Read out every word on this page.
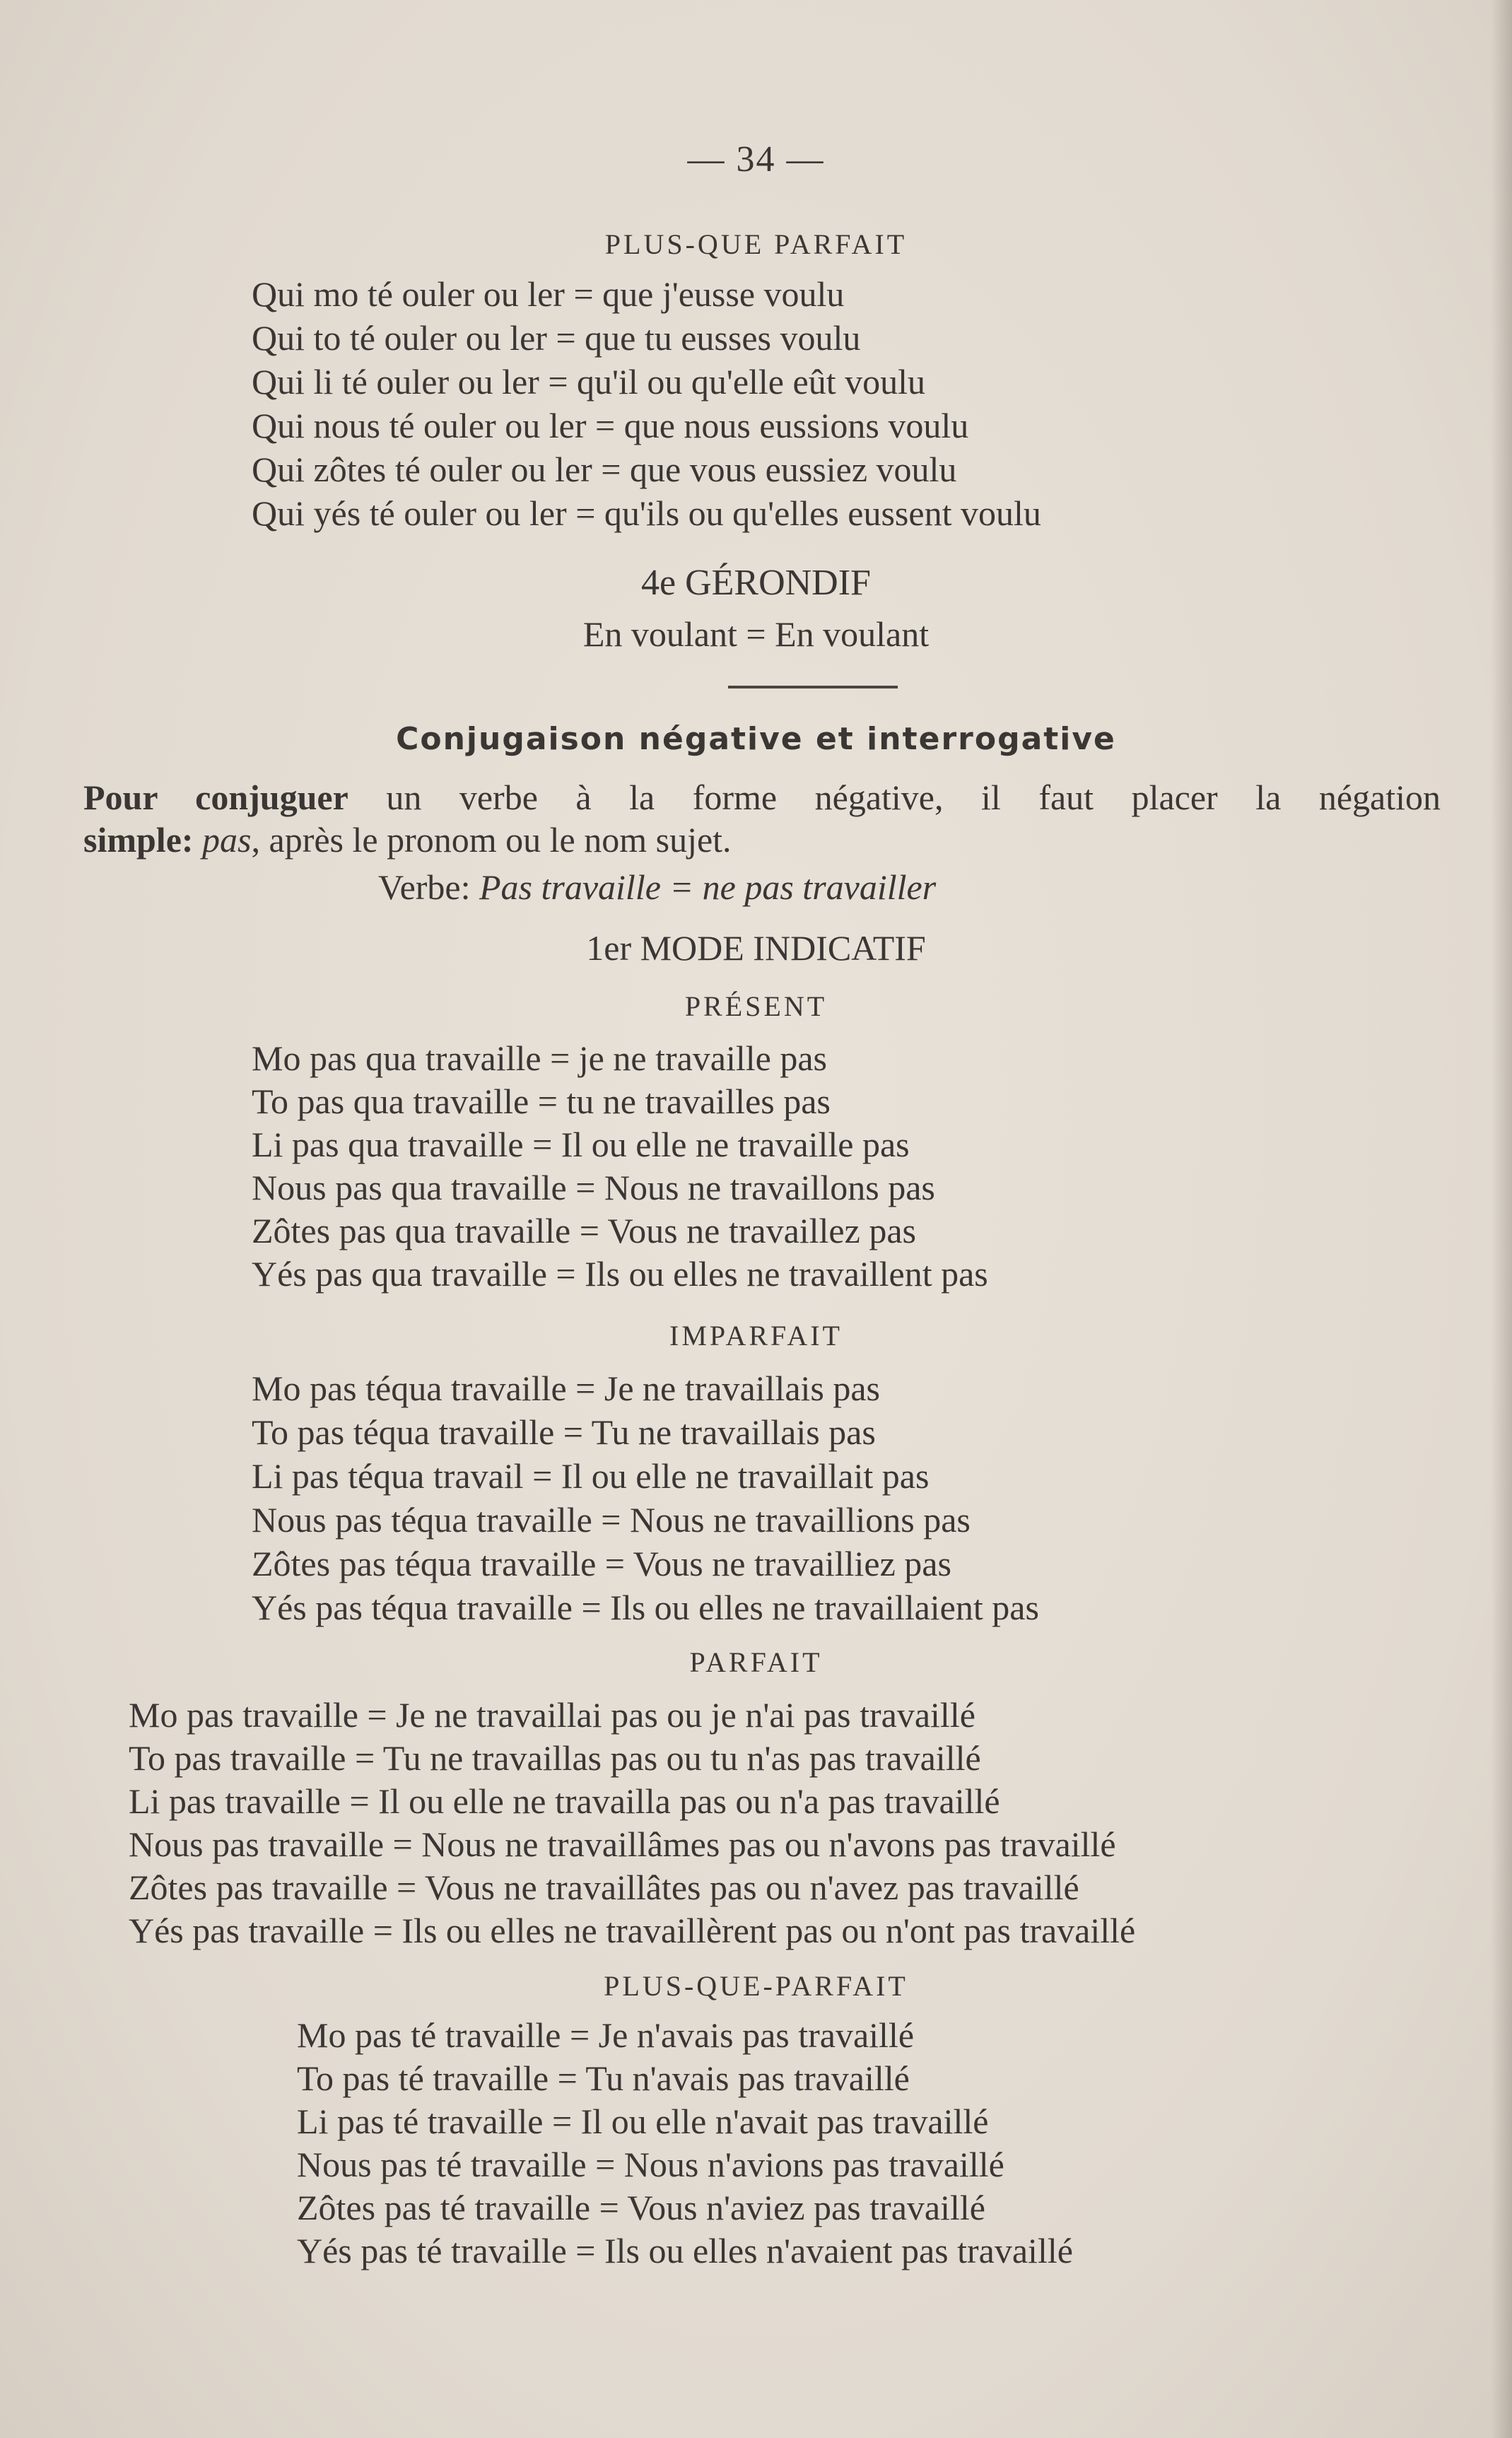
— 34 —
PLUS-QUE PARFAIT
Qui mo té ouler ou ler = que j'eusse voulu
Qui to té ouler ou ler = que tu eusses voulu
Qui li té ouler ou ler = qu'il ou qu'elle eût voulu
Qui nous té ouler ou ler = que nous eussions voulu
Qui zôtes té ouler ou ler = que vous eussiez voulu
Qui yés té ouler ou ler = qu'ils ou qu'elles eussent voulu
4e GÉRONDIF
En voulant = En voulant
Conjugaison négative et interrogative
Pour conjuguer un verbe à la forme négative, il faut placer la négation
simple: pas, après le pronom ou le nom sujet.
Verbe: Pas travaille = ne pas travailler
1er MODE INDICATIF
PRÉSENT
Mo pas qua travaille = je ne travaille pas
To pas qua travaille = tu ne travailles pas
Li pas qua travaille = Il ou elle ne travaille pas
Nous pas qua travaille = Nous ne travaillons pas
Zôtes pas qua travaille = Vous ne travaillez pas
Yés pas qua travaille = Ils ou elles ne travaillent pas
IMPARFAIT
Mo pas téqua travaille = Je ne travaillais pas
To pas téqua travaille = Tu ne travaillais pas
Li pas téqua travail = Il ou elle ne travaillait pas
Nous pas téqua travaille = Nous ne travaillions pas
Zôtes pas téqua travaille = Vous ne travailliez pas
Yés pas téqua travaille = Ils ou elles ne travaillaient pas
PARFAIT
Mo pas travaille = Je ne travaillai pas ou je n'ai pas travaillé
To pas travaille = Tu ne travaillas pas ou tu n'as pas travaillé
Li pas travaille = Il ou elle ne travailla pas ou n'a pas travaillé
Nous pas travaille = Nous ne travaillâmes pas ou n'avons pas travaillé
Zôtes pas travaille = Vous ne travaillâtes pas ou n'avez pas travaillé
Yés pas travaille = Ils ou elles ne travaillèrent pas ou n'ont pas travaillé
PLUS-QUE-PARFAIT
Mo pas té travaille = Je n'avais pas travaillé
To pas té travaille = Tu n'avais pas travaillé
Li pas té travaille = Il ou elle n'avait pas travaillé
Nous pas té travaille = Nous n'avions pas travaillé
Zôtes pas té travaille = Vous n'aviez pas travaillé
Yés pas té travaille = Ils ou elles n'avaient pas travaillé
